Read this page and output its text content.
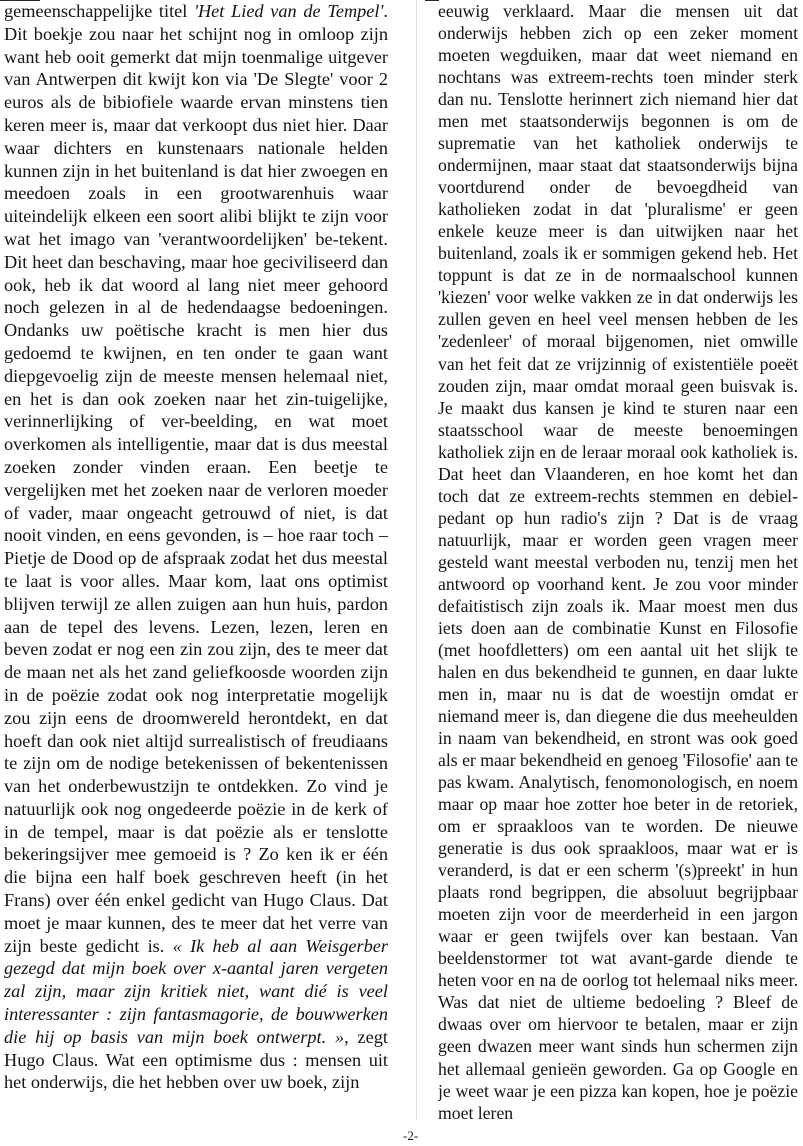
gemeenschappelijke titel 'Het Lied van de Tempel'. Dit boekje zou naar het schijnt nog in omloop zijn want heb ooit gemerkt dat mijn toenmalige uitgever van Antwerpen dit kwijt kon via 'De Slegte' voor 2 euros als de bibiofiele waarde ervan minstens tien keren meer is, maar dat verkoopt dus niet hier. Daar waar dichters en kunstenaars nationale helden kunnen zijn in het buitenland is dat hier zwoegen en meedoen zoals in een grootwarenhuis waar uiteindelijk elkeen een soort alibi blijkt te zijn voor wat het imago van 'verantwoordelijken' be-tekent. Dit heet dan beschaving, maar hoe geciviliseerd dan ook, heb ik dat woord al lang niet meer gehoord noch gelezen in al de hedendaagse bedoeningen. Ondanks uw poëtische kracht is men hier dus gedoemd te kwijnen, en ten onder te gaan want diepgevoelig zijn de meeste mensen helemaal niet, en het is dan ook zoeken naar het zin-tuigelijke, verinnerlijking of ver-beelding, en wat moet overkomen als intelligentie, maar dat is dus meestal zoeken zonder vinden eraan. Een beetje te vergelijken met het zoeken naar de verloren moeder of vader, maar ongeacht getrouwd of niet, is dat nooit vinden, en eens gevonden, is – hoe raar toch – Pietje de Dood op de afspraak zodat het dus meestal te laat is voor alles. Maar kom, laat ons optimist blijven terwijl ze allen zuigen aan hun huis, pardon aan de tepel des levens. Lezen, lezen, leren en beven zodat er nog een zin zou zijn, des te meer dat de maan net als het zand geliefkoosde woorden zijn in de poëzie zodat ook nog interpretatie mogelijk zou zijn eens de droomwereld herontdekt, en dat hoeft dan ook niet altijd surrealistisch of freudiaans te zijn om de nodige betekenissen of bekentenissen van het onderbewustzijn te ontdekken. Zo vind je natuurlijk ook nog ongedeerde poëzie in de kerk of in de tempel, maar is dat poëzie als er tenslotte bekeringsijver mee gemoeid is ? Zo ken ik er één die bijna een half boek geschreven heeft (in het Frans) over één enkel gedicht van Hugo Claus. Dat moet je maar kunnen, des te meer dat het verre van zijn beste gedicht is. « Ik heb al aan Weisgerber gezegd dat mijn boek over x-aantal jaren vergeten zal zijn, maar zijn kritiek niet, want dié is veel interessanter : zijn fantasmagorie, de bouwwerken die hij op basis van mijn boek ontwerpt. », zegt Hugo Claus. Wat een optimisme dus : mensen uit het onderwijs, die het hebben over uw boek, zijn

eeuwig verklaard. Maar die mensen uit dat onderwijs hebben zich op een zeker moment moeten wegduiken, maar dat weet niemand en nochtans was extreem-rechts toen minder sterk dan nu. Tenslotte herinnert zich niemand hier dat men met staatsonderwijs begonnen is om de suprematie van het katholiek onderwijs te ondermijnen, maar staat dat staatsonderwijs bijna voortdurend onder de bevoegdheid van katholieken zodat in dat 'pluralisme' er geen enkele keuze meer is dan uitwijken naar het buitenland, zoals ik er sommigen gekend heb. Het toppunt is dat ze in de normaalschool kunnen 'kiezen' voor welke vakken ze in dat onderwijs les zullen geven en heel veel mensen hebben de les 'zedenleer' of moraal bijgenomen, niet omwille van het feit dat ze vrijzinnig of existentiële poeët zouden zijn, maar omdat moraal geen buisvak is. Je maakt dus kansen je kind te sturen naar een staatsschool waar de meeste benoemingen katholiek zijn en de leraar moraal ook katholiek is. Dat heet dan Vlaanderen, en hoe komt het dan toch dat ze extreem-rechts stemmen en debiel-pedant op hun radio's zijn ? Dat is de vraag natuurlijk, maar er worden geen vragen meer gesteld want meestal verboden nu, tenzij men het antwoord op voorhand kent. Je zou voor minder defaitistisch zijn zoals ik. Maar moest men dus iets doen aan de combinatie Kunst en Filosofie (met hoofdletters) om een aantal uit het slijk te halen en dus bekendheid te gunnen, en daar lukte men in, maar nu is dat de woestijn omdat er niemand meer is, dan diegene die dus meeheulden in naam van bekendheid, en stront was ook goed als er maar bekendheid en genoeg 'Filosofie' aan te pas kwam. Analytisch, fenomonologisch, en noem maar op maar hoe zotter hoe beter in de retoriek, om er spraakloos van te worden. De nieuwe generatie is dus ook spraakloos, maar wat er is veranderd, is dat er een scherm '(s)preekt' in hun plaats rond begrippen, die absoluut begrijpbaar moeten zijn voor de meerderheid in een jargon waar er geen twijfels over kan bestaan. Van beeldenstormer tot wat avant-garde diende te heten voor en na de oorlog tot helemaal niks meer. Was dat niet de ultieme bedoeling ? Bleef de dwaas over om hiervoor te betalen, maar er zijn geen dwazen meer want sinds hun schermen zijn het allemaal genieën geworden. Ga op Google en je weet waar je een pizza kan kopen, hoe je poëzie moet leren

-2-
